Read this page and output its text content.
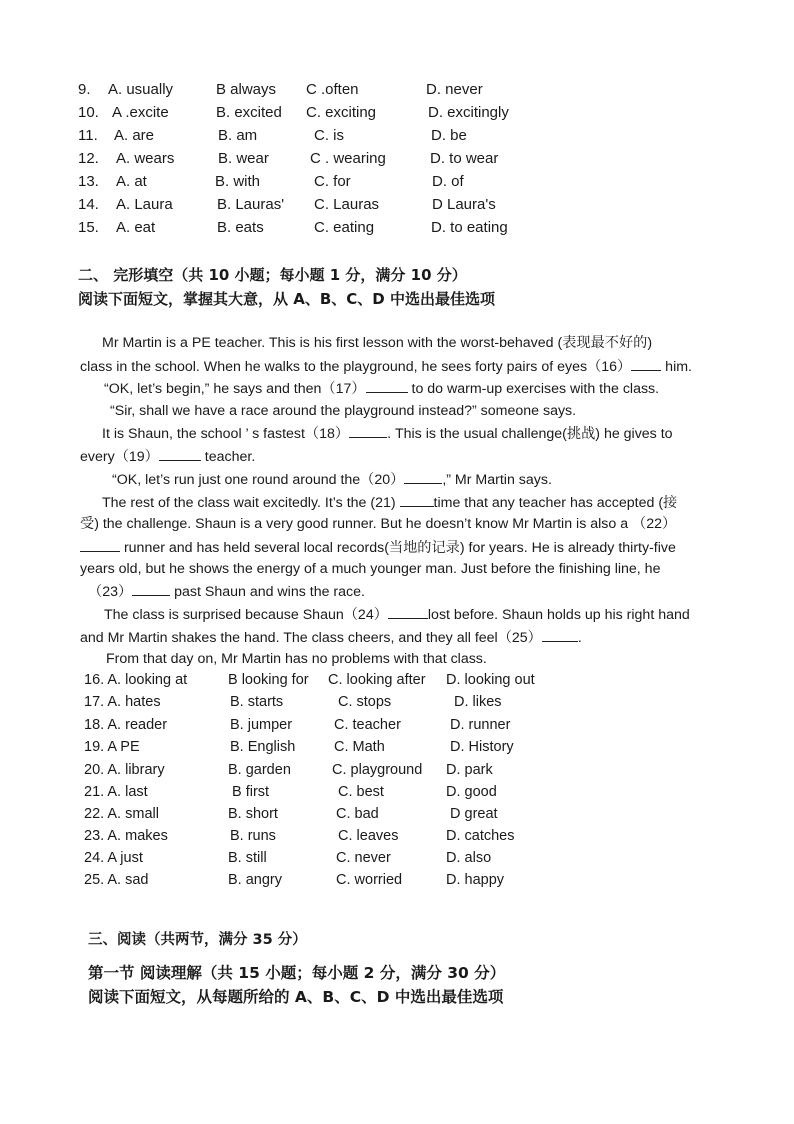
9. A. usually	B always C .often	D. never
10. A .excite	B. excited C. exciting	D. excitingly
11. A. are	B. am	C. is	D. be
12. A. wears	B. wear	C . wearing	D. to wear
13. A. at	B. with	C. for	D. of
14. A. Laura	B. Lauras' C. Lauras	D Laura's
15. A. eat	B. eats	C. eating	D. to eating
二、 完形填空（共 10 小题；每小题 1 分，满分 10 分）
阅读下面短文，掌握其大意，从 A、B、C、D 中选出最佳选项
Mr Martin is a PE teacher. This is his first lesson with the worst-behaved (表现最不好的)
class in the school. When he walks to the playground, he sees forty pairs of eyes（16） him.
“OK, let’s begin,” he says and then（17）	to do warm-up exercises with the class.
“Sir, shall we have a race around the playground instead?” someone says.
It is Shaun, the school ’ s fastest（18）	. This is the usual challenge(挑战) he gives to
every（19）	teacher.
“OK, let’s run just one round around the（20）	,” Mr Martin says.
The rest of the class wait excitedly. It’s the (21) time that any teacher has accepted (接
受) the challenge. Shaun is a very good runner. But he doesn’t know Mr Martin is also a （22）
runner and has held several local records(当地的记录) for years. He is already thirty-five
years old, but he shows the energy of a much younger man. Just before the finishing line, he
（23）	past Shaun and wins the race.
The class is surprised because Shaun（24）	lost before. Shaun holds up his right hand
and Mr Martin shakes the hand. The class cheers, and they all feel（25）	.
From that day on, Mr Martin has no problems with that class.
16. A. looking at	B looking for C. looking after D. looking out
17. A. hates	B. starts	C. stops	D. likes
18. A. reader	B. jumper	C. teacher	D. runner
19. A PE	B. English	C. Math	D. History
20. A. library	B. garden	C. playground D. park
21. A. last	B first	C. best	D. good
22. A. small	B. short	C. bad	D great
23. A. makes	B. runs	C. leaves	D. catches
24. A just	B. still	C. never	D. also
25. A. sad	B. angry	C. worried	D. happy
三、阅读（共两节，满分 35 分）
第一节 阅读理解（共 15 小题；每小题 2 分，满分 30 分）
阅读下面短文，从每题所给的 A、B、C、D 中选出最佳选项
